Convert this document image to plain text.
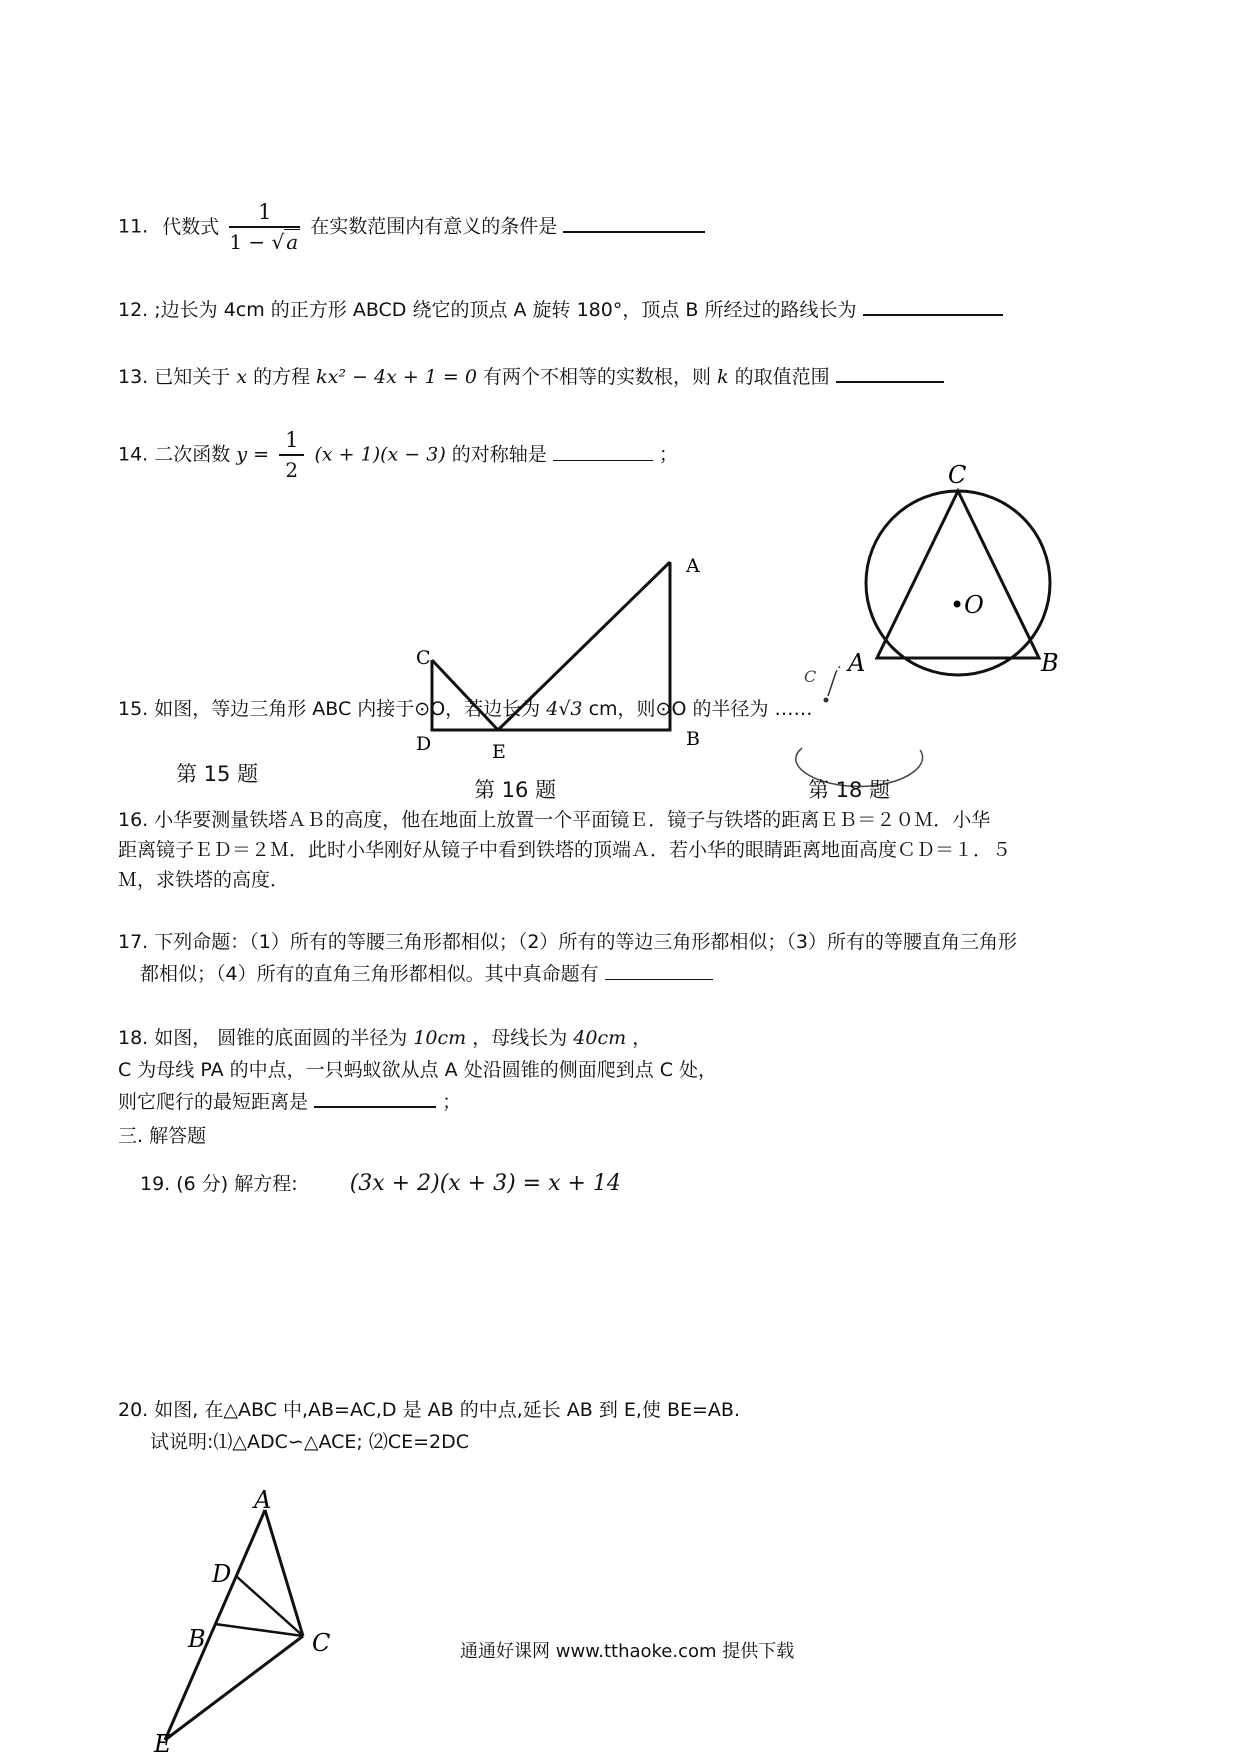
11. 代数式 $\frac{1}{1 - √ a}$ 在实数范围内有意义的条件是
12. ;边长为 4cm 的正方形 ABCD 绕它的顶点 A 旋转 180°，顶点 B 所经过的路线长为
13. 已知关于 x 的方程 kx² − 4x + 1 = 0 有两个不相等的实数根，则 k 的取值范围
14. 二次函数 $y = \frac{1}{2} (x + 1)(x - 3)$ 的对称轴是	；
A
B
C
D	E
C
A	B
•O
C
15. 如图，等边三角形 ABC 内接于⊙O，若边长为 4√3 cm，则⊙O 的半径为 ……
第 15 题
第 16 题	第 18 题
16. 小华要测量铁塔ＡＢ的高度，他在地面上放置一个平面镜Ｅ．镜子与铁塔的距离ＥＢ＝２０Ｍ．小华
距离镜子ＥＤ＝２Ｍ．此时小华刚好从镜子中看到铁塔的顶端Ａ．若小华的眼睛距离地面高度ＣＤ＝１．５
Ｍ，求铁塔的高度．
17. 下列命题：（1）所有的等腰三角形都相似；（2）所有的等边三角形都相似；（3）所有的等腰直角三角形
都相似；（4）所有的直角三角形都相似。其中真命题有
18. 如图， 圆锥的底面圆的半径为 10cm ，母线长为 40cm ，
C 为母线 PA 的中点，一只蚂蚁欲从点 A 处沿圆锥的侧面爬到点 C 处，
则它爬行的最短距离是	；
三. 解答题
19. (6 分) 解方程: (3x + 2)(x + 3) = x + 14
20. 如图, 在△ABC 中,AB=AC,D 是 AB 的中点,延长 AB 到 E,使 BE=AB.
试说明:⑴△ADC∽△ACE; ⑵CE=2DC
A
D
B	C
E
通通好课网 www.tthaoke.com 提供下载
